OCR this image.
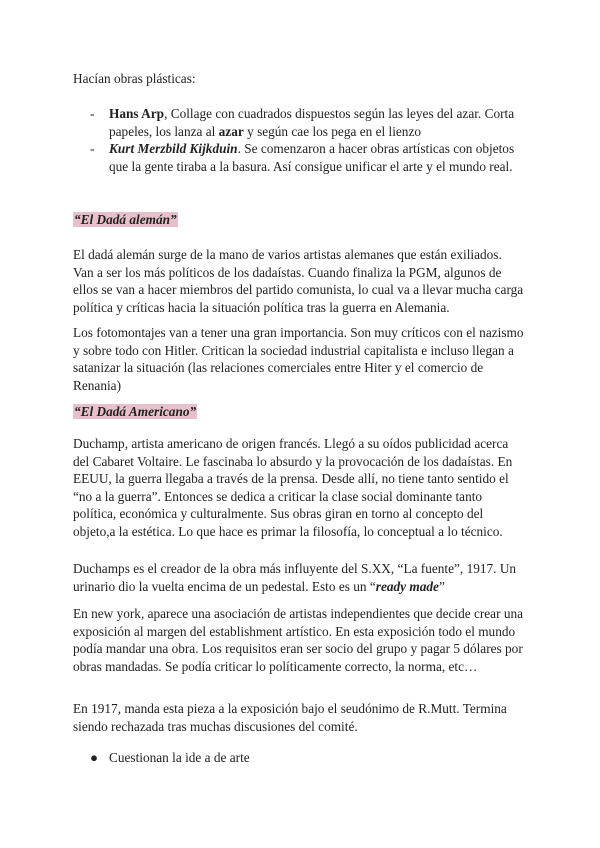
Hacían obras plásticas:

- Hans Arp, Collage con cuadrados dispuestos según las leyes del azar. Corta papeles, los lanza al azar y según cae los pega en el lienzo
- Kurt Merzbild Kijkduin. Se comenzaron a hacer obras artísticas con objetos que la gente tiraba a la basura. Así consigue unificar el arte y el mundo real.
“El Dadá alemán”

El dadá alemán surge de la mano de varios artistas alemanes que están exiliados. Van a ser los más políticos de los dadaístas. Cuando finaliza la PGM, algunos de ellos se van a hacer miembros del partido comunista, lo cual va a llevar mucha carga política y críticas hacia la situación política tras la guerra en Alemania.

Los fotomontajes van a tener una gran importancia. Son muy críticos con el nazismo y sobre todo con Hitler. Critican la sociedad industrial capitalista e incluso llegan a satanizar la situación (las relaciones comerciales entre Hiter y el comercio de Renania)

“El Dadá Americano”

Duchamp, artista americano de origen francés. Llegó a su oídos publicidad acerca del Cabaret Voltaire. Le fascinaba lo absurdo y la provocación de los dadaístas. En EEUU, la guerra llegaba a través de la prensa. Desde allí, no tiene tanto sentido el “no a la guerra”. Entonces se dedica a criticar la clase social dominante tanto política, económica y culturalmente. Sus obras giran en torno al concepto del objeto,a la estética. Lo que hace es primar la filosofía, lo conceptual a lo técnico.

Duchamps es el creador de la obra más influyente del S.XX, “La fuente”, 1917. Un urinario dio la vuelta encima de un pedestal. Esto es un “ready made”

En new york, aparece una asociación de artistas independientes que decide crear una exposición al margen del establishment artístico. En esta exposición todo el mundo podía mandar una obra. Los requisitos eran ser socio del grupo y pagar 5 dólares por obras mandadas. Se podía criticar lo políticamente correcto, la norma, etc…

En 1917, manda esta pieza a la exposición bajo el seudónimo de R.Mutt. Termina siendo rechazada tras muchas discusiones del comité.

● Cuestionan la ide a de arte
